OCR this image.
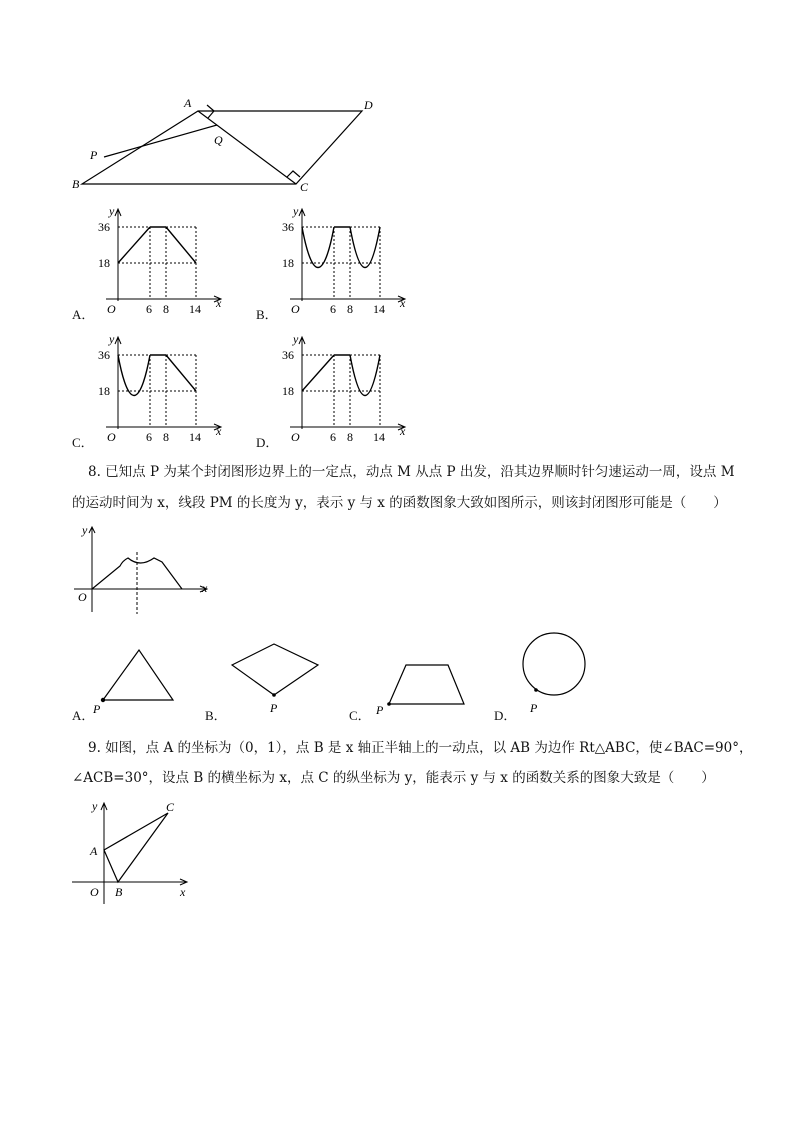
A	D
P
Q
B	C
y
x
O
36
18
6 8 14
A．
y
x
O
36
18
6 8 14
B．
y
x
O
36
18
6 8 14
C．
y
x
O
36
18
6 8 14
D．
8. 已知点 P 为某个封闭图形边界上的一定点，动点 M 从点 P 出发，沿其边界顺时针匀速运动一周，设点 M
的运动时间为 x，线段 PM 的长度为 y，表示 y 与 x 的函数图象大致如图所示，则该封闭图形可能是（　　）
y
x
O
A．
P	B．	P	C． P	D． P
9. 如图，点 A 的坐标为（0，1），点 B 是 x 轴正半轴上的一动点，以 AB 为边作 Rt△ABC，使∠BAC=90°，
∠ACB=30°，设点 B 的横坐标为 x，点 C 的纵坐标为 y，能表示 y 与 x 的函数关系的图象大致是（　　）
y
x
O
A
B
C
